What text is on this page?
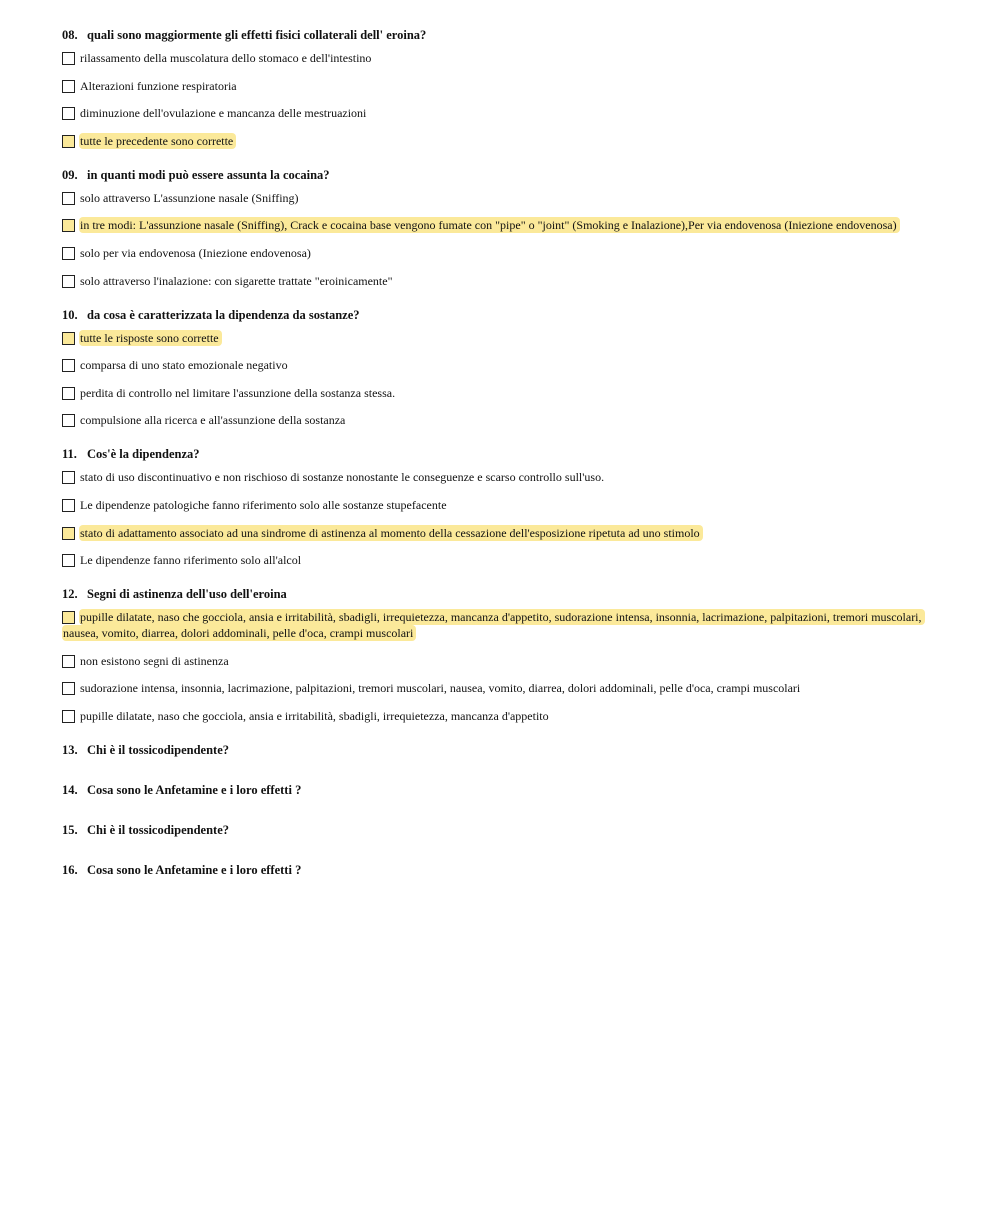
08. quali sono maggiormente gli effetti fisici collaterali dell' eroina?
rilassamento della muscolatura dello stomaco e dell'intestino
Alterazioni funzione respiratoria
diminuzione dell'ovulazione e mancanza delle mestruazioni
tutte le precedente sono corrette
09. in quanti modi può essere assunta la cocaina?
solo attraverso L'assunzione nasale (Sniffing)
in tre modi: L'assunzione nasale (Sniffing), Crack e cocaina base vengono fumate con "pipe" o "joint" (Smoking e Inalazione),Per via endovenosa (Iniezione endovenosa)
solo per via endovenosa (Iniezione endovenosa)
solo attraverso l'inalazione: con sigarette trattate "eroinicamente"
10. da cosa è caratterizzata la dipendenza da sostanze?
tutte le risposte sono corrette
comparsa di uno stato emozionale negativo
perdita di controllo nel limitare l'assunzione della sostanza stessa.
compulsione alla ricerca e all'assunzione della sostanza
11. Cos'è la dipendenza?
stato di uso discontinuativo e non rischioso di sostanze nonostante le conseguenze e scarso controllo sull'uso.
Le dipendenze patologiche fanno riferimento solo alle sostanze stupefacente
stato di adattamento associato ad una sindrome di astinenza al momento della cessazione dell'esposizione ripetuta ad uno stimolo
Le dipendenze fanno riferimento solo all'alcol
12. Segni di astinenza dell'uso dell'eroina
pupille dilatate, naso che gocciola, ansia e irritabilità, sbadigli, irrequietezza, mancanza d'appetito, sudorazione intensa, insonnia, lacrimazione, palpitazioni, tremori muscolari, nausea, vomito, diarrea, dolori addominali, pelle d'oca, crampi muscolari
non esistono segni di astinenza
sudorazione intensa, insonnia, lacrimazione, palpitazioni, tremori muscolari, nausea, vomito, diarrea, dolori addominali, pelle d'oca, crampi muscolari
pupille dilatate, naso che gocciola, ansia e irritabilità, sbadigli, irrequietezza, mancanza d'appetito
13. Chi è il tossicodipendente?
14. Cosa sono le Anfetamine e i loro effetti ?
15. Chi è il tossicodipendente?
16. Cosa sono le Anfetamine e i loro effetti ?
